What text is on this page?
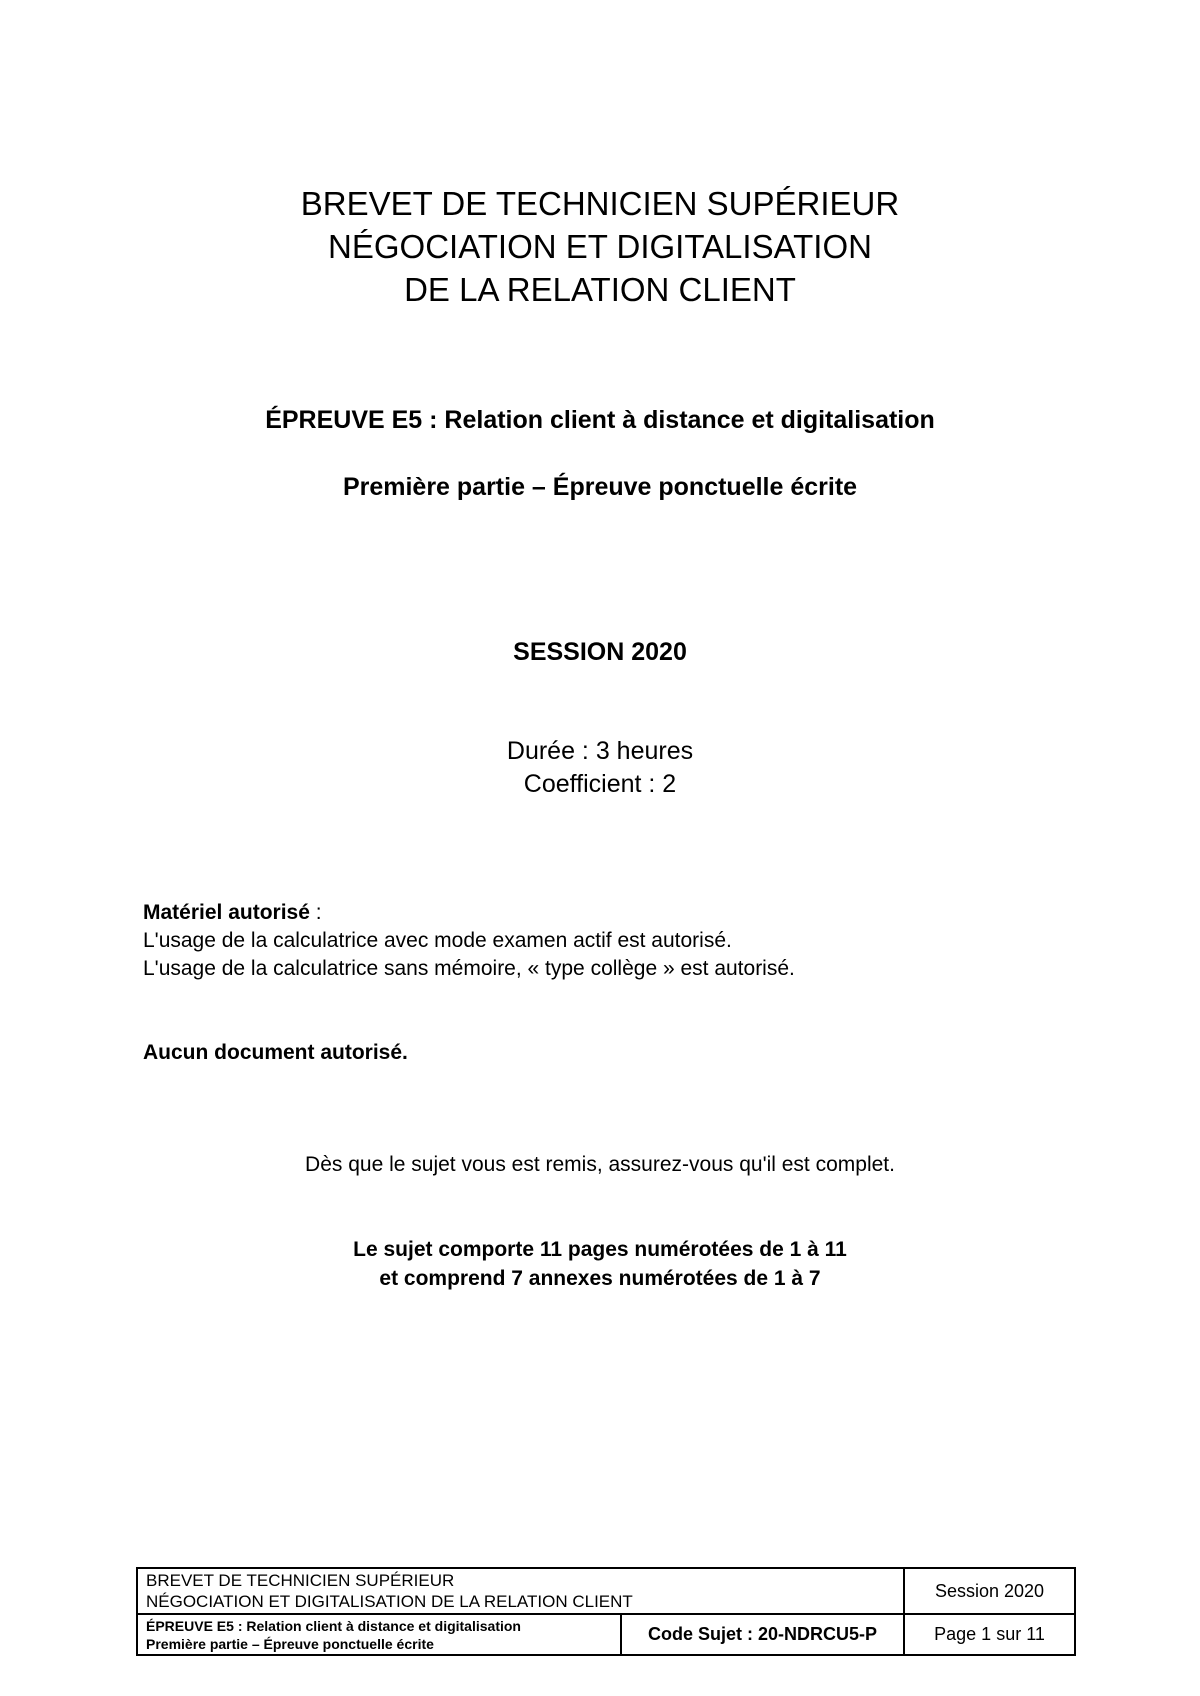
BREVET DE TECHNICIEN SUPÉRIEUR
NÉGOCIATION ET DIGITALISATION
DE LA RELATION CLIENT
ÉPREUVE E5 : Relation client à distance et digitalisation
Première partie – Épreuve ponctuelle écrite
SESSION 2020
Durée : 3 heures
Coefficient : 2
Matériel autorisé :
L'usage de la calculatrice avec mode examen actif est autorisé.
L'usage de la calculatrice sans mémoire, « type collège » est autorisé.
Aucun document autorisé.
Dès que le sujet vous est remis, assurez-vous qu'il est complet.
Le sujet comporte 11 pages numérotées de 1 à 11
et comprend 7 annexes numérotées de 1 à 7
BREVET DE TECHNICIEN SUPÉRIEUR
NÉGOCIATION ET DIGITALISATION DE LA RELATION CLIENT		Session 2020

ÉPREUVE E5 : Relation client à distance et digitalisation
Première partie – Épreuve ponctuelle écrite	Code Sujet : 20-NDRCU5-P	Page 1 sur 11
